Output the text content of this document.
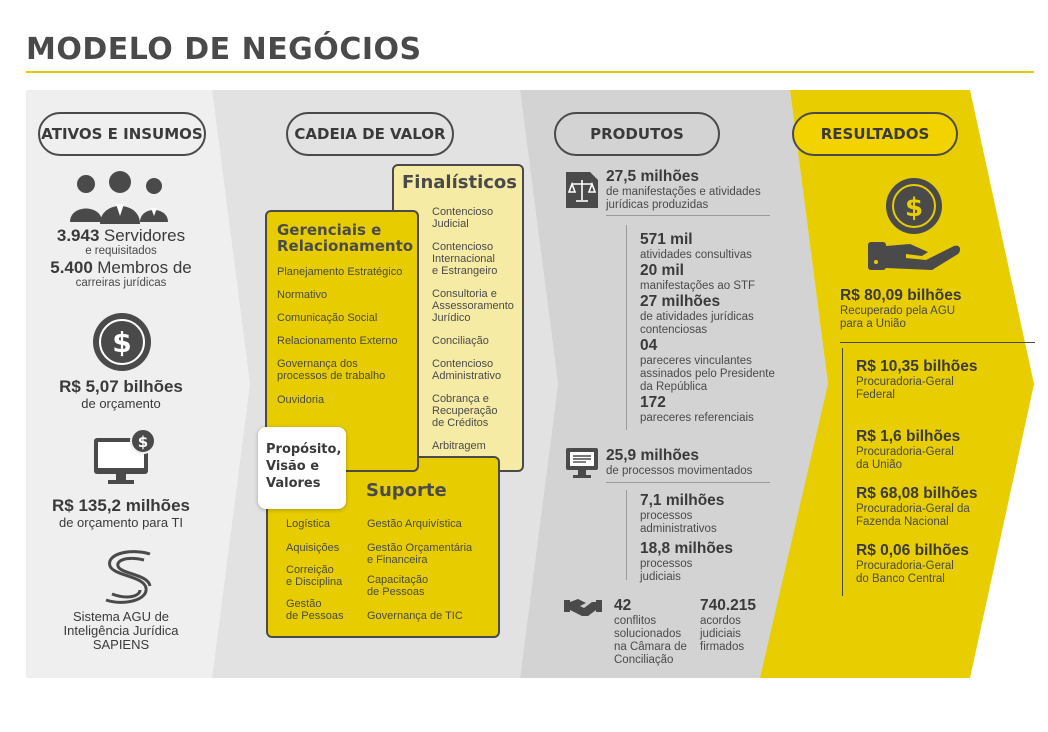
MODELO DE NEGÓCIOS
ATIVOS E INSUMOS
3.943 Servidores
e requisitados
5.400 Membros de
carreiras jurídicas
$
R$ 5,07 bilhões
de orçamento
$
R$ 135,2 milhões
de orçamento para TI
Sistema AGU de
Inteligência Jurídica
SAPIENS
CADEIA DE VALOR
Finalísticos
Contencioso
Judicial
Contencioso
Internacional
e Estrangeiro
Consultoria e
Assessoramento
Jurídico
Conciliação
Contencioso
Administrativo
Cobrança e
Recuperação
de Créditos
Arbitragem
Suporte
Logística
Aquisições
Correição
e Disciplina
Gestão
de Pessoas
Gestão Arquivística
Gestão Orçamentária
e Financeira
Capacitação
de Pessoas
Governança de TIC
Gerenciais e
Relacionamento
Planejamento Estratégico
Normativo
Comunicação Social
Relacionamento Externo
Governança dos
processos de trabalho
Ouvidoria
Propósito,
Visão e
Valores
PRODUTOS
27,5 milhões
de manifestações e atividades
jurídicas produzidas
571 mil
atividades consultivas
20 mil
manifestações ao STF
27 milhões
de atividades jurídicas
contenciosas
04
pareceres vinculantes
assinados pelo Presidente
da República
172
pareceres referenciais
25,9 milhões
de processos movimentados
7,1 milhões
processos
administrativos
18,8 milhões
processos
judiciais
42
conflitos
solucionados
na Câmara de
Conciliação
740.215
acordos
judiciais
firmados
RESULTADOS
$
R$ 80,09 bilhões
Recuperado pela AGU
para a União
R$ 10,35 bilhões
Procuradoria-Geral
Federal
R$ 1,6 bilhões
Procuradoria-Geral
da União
R$ 68,08 bilhões
Procuradoria-Geral da
Fazenda Nacional
R$ 0,06 bilhões
Procuradoria-Geral
do Banco Central
